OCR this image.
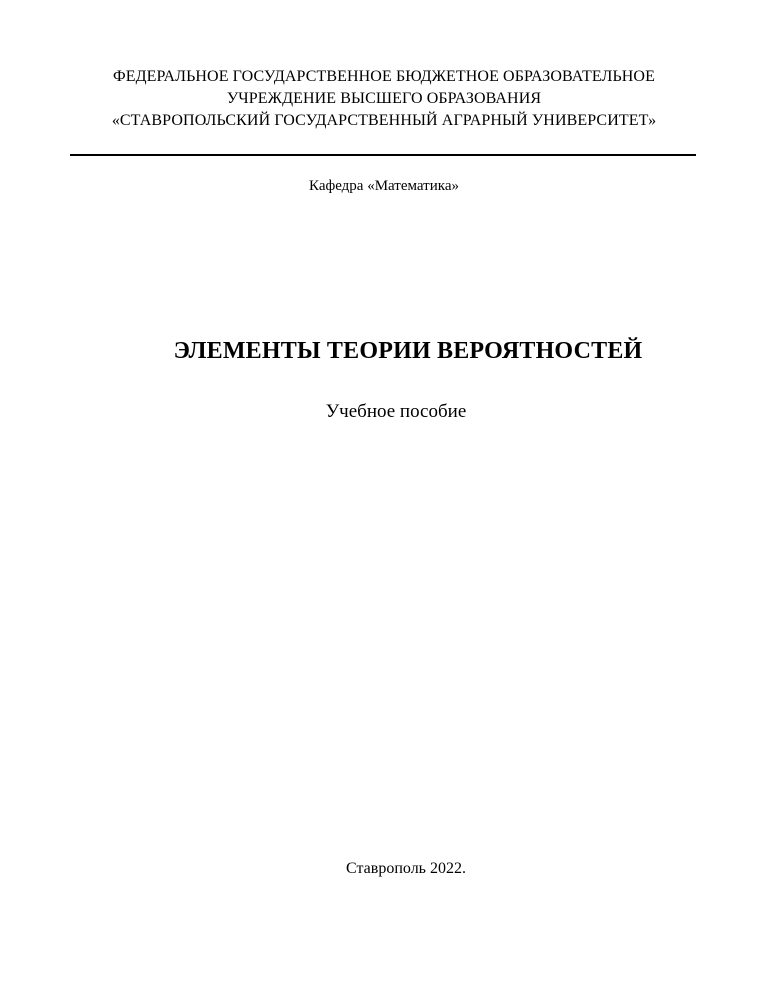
ФЕДЕРАЛЬНОЕ ГОСУДАРСТВЕННОЕ БЮДЖЕТНОЕ ОБРАЗОВАТЕЛЬНОЕ
УЧРЕЖДЕНИЕ ВЫСШЕГО ОБРАЗОВАНИЯ
«СТАВРОПОЛЬСКИЙ ГОСУДАРСТВЕННЫЙ АГРАРНЫЙ УНИВЕРСИТЕТ»
Кафедра «Математика»
ЭЛЕМЕНТЫ ТЕОРИИ ВЕРОЯТНОСТЕЙ
Учебное пособие
Ставрополь 2022.
